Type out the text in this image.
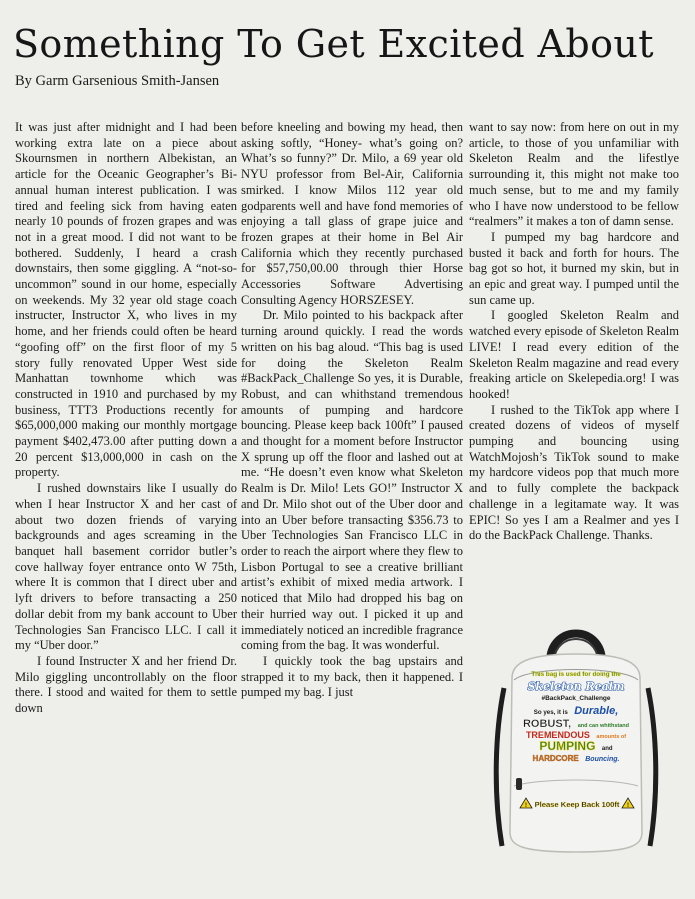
Something To Get Excited About
By Garm Garsenious Smith-Jansen

It was just after midnight and I had been working extra late on a piece about Skournsmen in northern Albekistan, an article for the Oceanic Geographer’s Bi-annual human interest publication. I was tired and feeling sick from having eaten nearly 10 pounds of frozen grapes and was not in a great mood. I did not want to be bothered. Suddenly, I heard a crash downstairs, then some giggling. A “not-so-uncommon” sound in our home, especially on weekends. My 32 year old stage coach instructer, Instructor X, who lives in my home, and her friends could often be heard “goofing off” on the first floor of my 5 story fully renovated Upper West side Manhattan townhome which was constructed in 1910 and purchased by my business, TTT3 Productions recently for $65,000,000 making our monthly mortgage payment $402,473.00 after putting down a 20 percent $13,000,000 in cash on the property.

I rushed downstairs like I usually do when I hear Instructor X and her cast of about two dozen friends of varying backgrounds and ages screaming in the banquet hall basement corridor butler’s cove hallway foyer entrance onto W 75th, where It is common that I direct uber and lyft drivers to before transacting a 250 dollar debit from my bank account to Uber Technologies San Francisco LLC. I call it my “Uber door.”

I found Instructer X and her friend Dr. Milo giggling uncontrollably on the floor there. I stood and waited for them to settle down

before kneeling and bowing my head, then asking softly, “Honey- what’s going on? What’s so funny?” Dr. Milo, a 69 year old NYU professor from Bel-Air, California smirked. I know Milos 112 year old godparents well and have fond memories of enjoying a tall glass of grape juice and frozen grapes at their home in Bel Air California which they recently purchased for $57,750,00.00 through thier Horse Accessories Software Advertising Consulting Agency HORSZESEY.

Dr. Milo pointed to his backpack after turning around quickly. I read the words written on his bag aloud. “This bag is used for doing the Skeleton Realm #BackPack_Challenge So yes, it is Durable, Robust, and can whithstand tremendous amounts of pumping and hardcore bouncing. Please keep back 100ft” I paused and thought for a moment before Instructor X sprung up off the floor and lashed out at me. “He doesn’t even know what Skeleton Realm is Dr. Milo! Lets GO!” Instructor X and Dr. Milo shot out of the Uber door and into an Uber before transacting $356.73 to Uber Technologies San Francisco LLC in order to reach the airport where they flew to Lisbon Portugal to see a creative brilliant artist’s exhibit of mixed media artwork. I noticed that Milo had dropped his bag on their hurried way out. I picked it up and immediately noticed an incredible fragrance coming from the bag. It was wonderful.

I quickly took the bag upstairs and strapped it to my back, then it happened. I pumped my bag. I just

want to say now: from here on out in my article, to those of you unfamiliar with Skeleton Realm and the lifestlye surrounding it, this might not make too much sense, but to me and my family who I have now understood to be fellow “realmers” it makes a ton of damn sense.

I pumped my bag hardcore and busted it back and forth for hours. The bag got so hot, it burned my skin, but in an epic and great way. I pumped until the sun came up.

I googled Skeleton Realm and watched every episode of Skeleton Realm LIVE! I read every edition of the Skeleton Realm magazine and read every freaking article on Skelepedia.org! I was hooked!

I rushed to the TikTok app where I created dozens of videos of myself pumping and bouncing using WatchMojosh’s TikTok sound to make my hardcore videos pop that much more and to fully complete the backpack challenge in a legitamate way. It was EPIC! So yes I am a Realmer and yes I do the BackPack Challenge. Thanks.

This bag is used for doing the
Skeleton Realm
#BackPack_Challenge
So yes, it is Durable,
ROBUST, and can whithstand
TREMENDOUS amounts of
PUMPING and
HARDCORE Bouncing.
! Please Keep Back 100ft !
